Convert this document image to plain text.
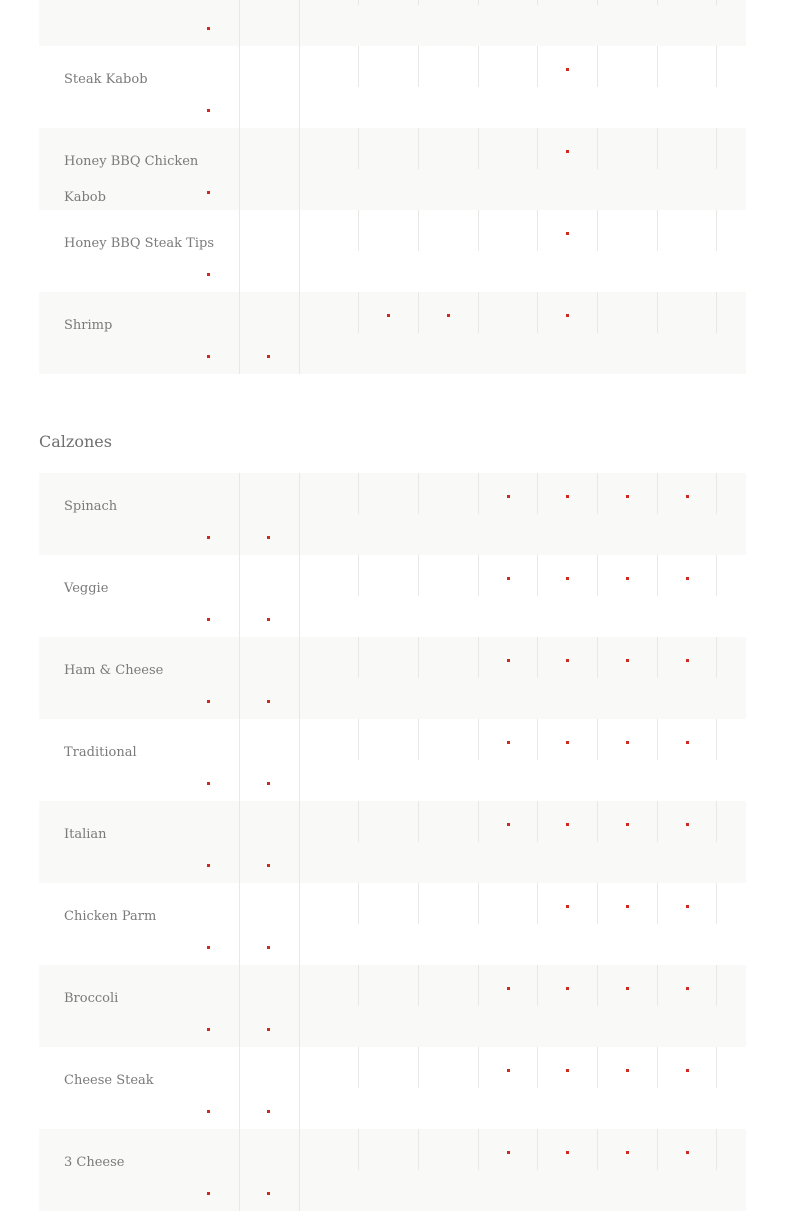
Steak Kabob
Honey BBQ Chicken Kabob
Honey BBQ Steak Tips
Shrimp
Calzones
Spinach
Veggie
Ham & Cheese
Traditional
Italian
Chicken Parm
Broccoli
Cheese Steak
3 Cheese
